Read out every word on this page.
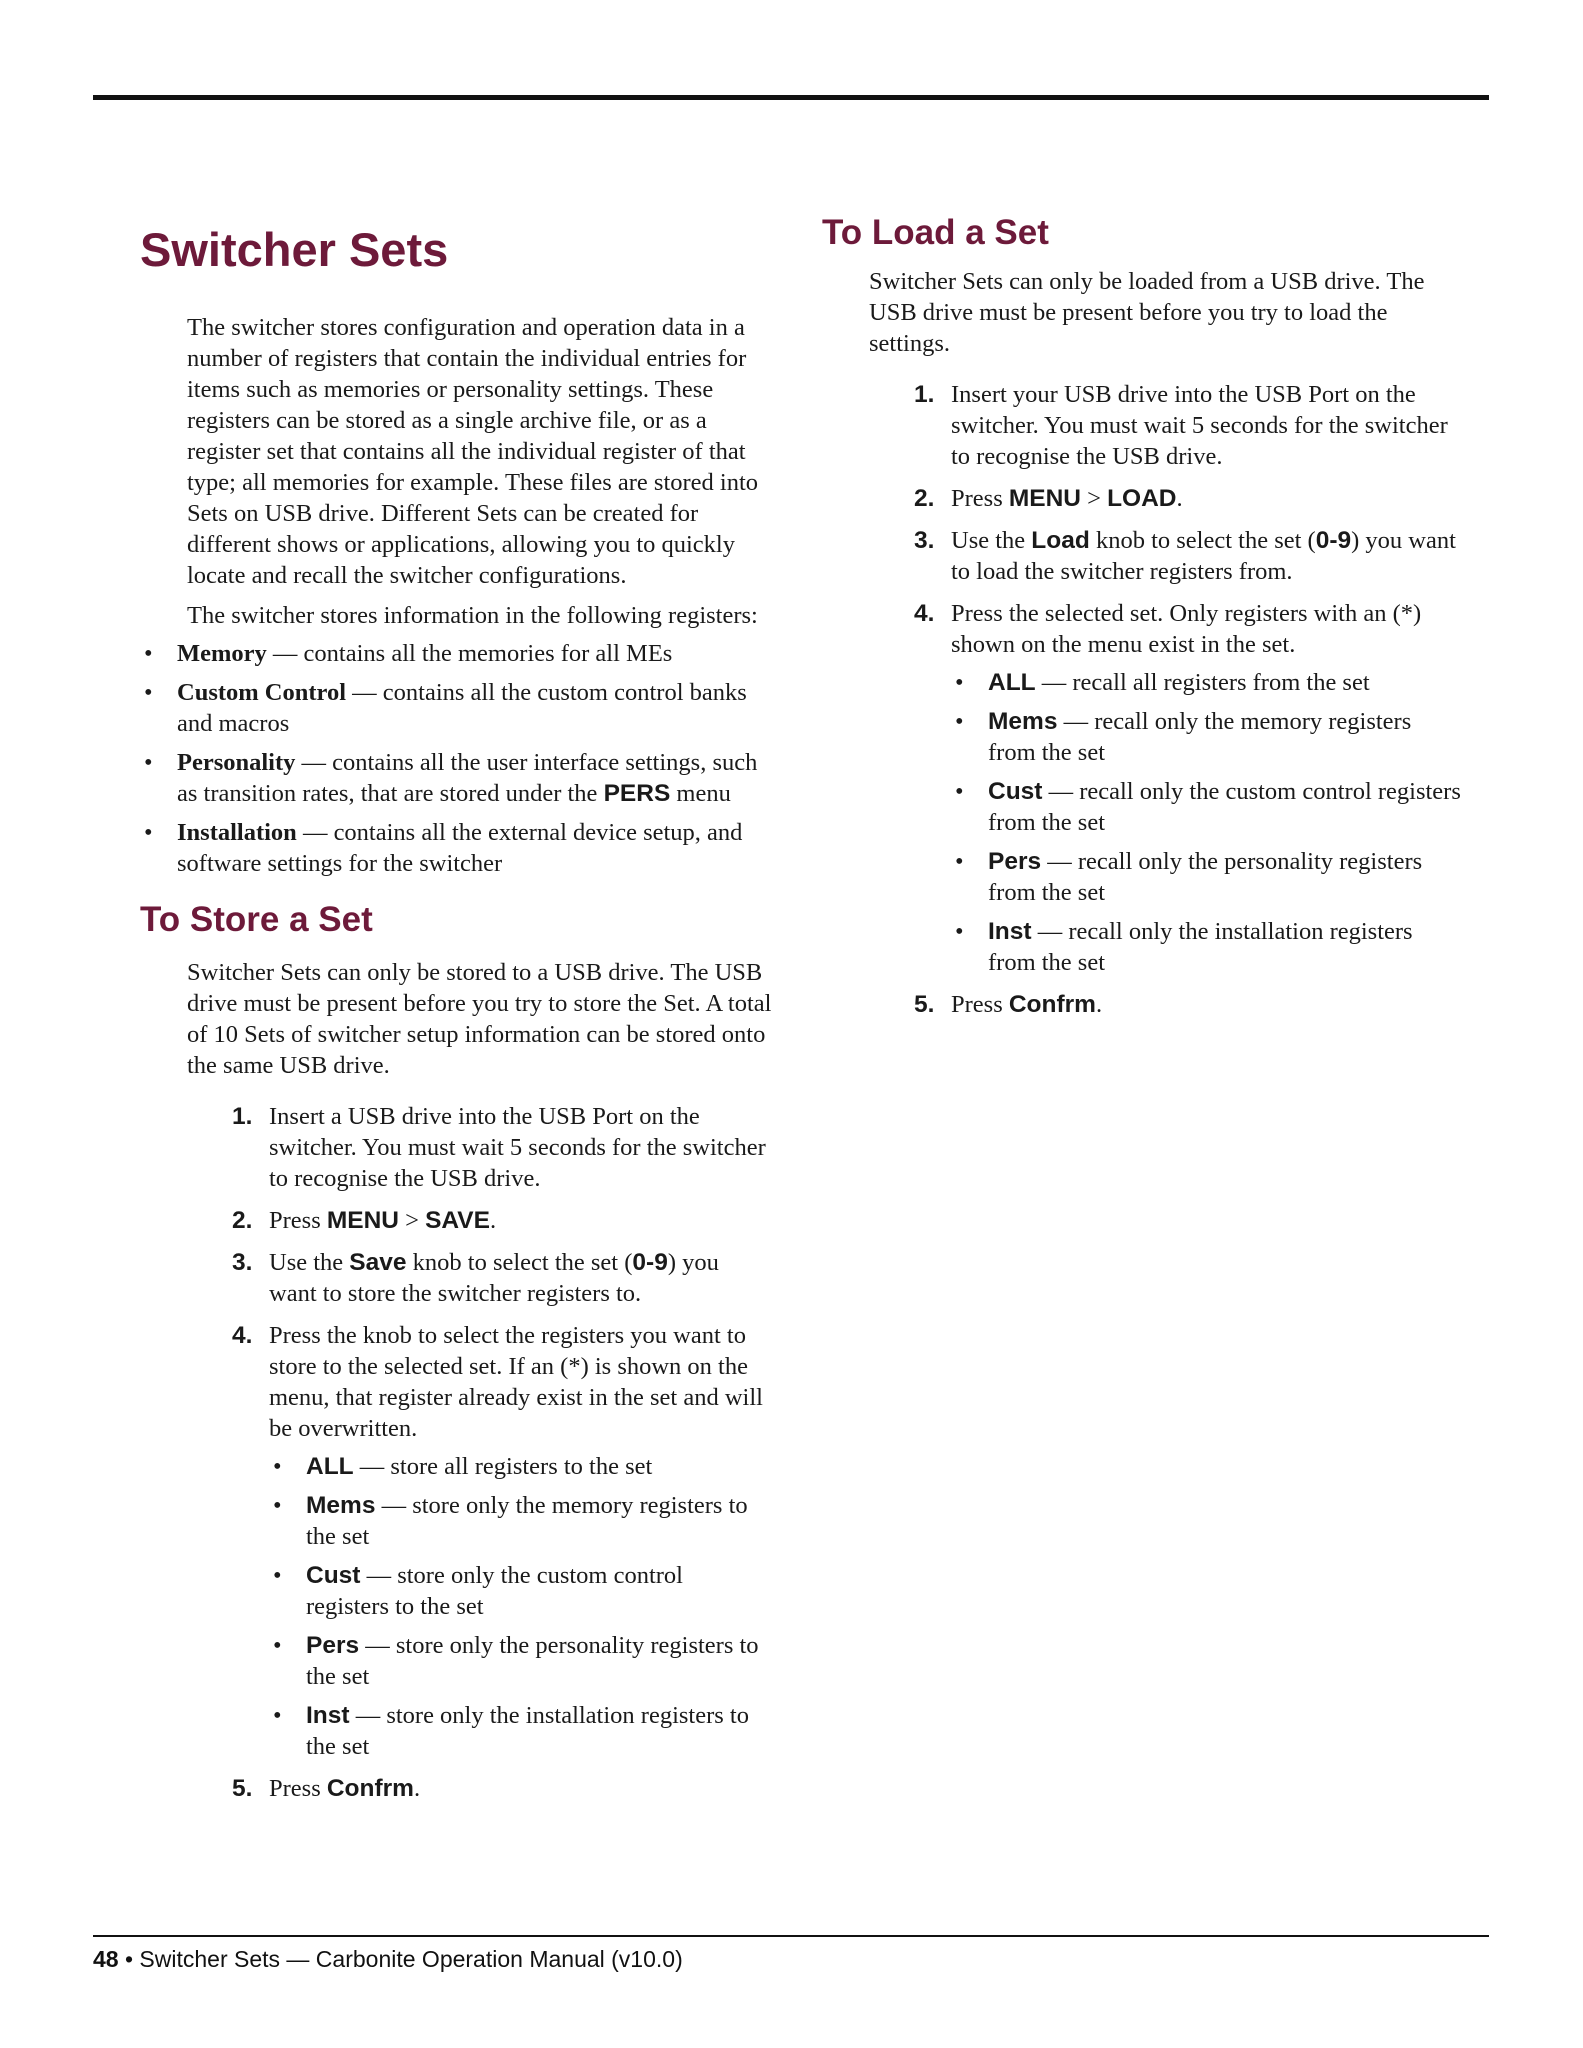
Switcher Sets

The switcher stores configuration and operation data in a number of registers that contain the individual entries for items such as memories or personality settings. These registers can be stored as a single archive file, or as a register set that contains all the individual register of that type; all memories for example. These files are stored into Sets on USB drive. Different Sets can be created for different shows or applications, allowing you to quickly locate and recall the switcher configurations.

The switcher stores information in the following registers:

• Memory — contains all the memories for all MEs
• Custom Control — contains all the custom control banks and macros
• Personality — contains all the user interface settings, such as transition rates, that are stored under the PERS menu
• Installation — contains all the external device setup, and software settings for the switcher
To Store a Set

Switcher Sets can only be stored to a USB drive. The USB drive must be present before you try to store the Set. A total of 10 Sets of switcher setup information can be stored onto the same USB drive.

1. Insert a USB drive into the USB Port on the switcher. You must wait 5 seconds for the switcher to recognise the USB drive.
2. Press MENU > SAVE.
3. Use the Save knob to select the set (0-9) you want to store the switcher registers to.
4. Press the knob to select the registers you want to store to the selected set. If an (*) is shown on the menu, that register already exist in the set and will be overwritten.
• ALL — store all registers to the set
• Mems — store only the memory registers to the set
• Cust — store only the custom control registers to the set
• Pers — store only the personality registers to the set
• Inst — store only the installation registers to the set
5. Press Confrm.
To Load a Set

Switcher Sets can only be loaded from a USB drive. The USB drive must be present before you try to load the settings.

1. Insert your USB drive into the USB Port on the switcher. You must wait 5 seconds for the switcher to recognise the USB drive.
2. Press MENU > LOAD.
3. Use the Load knob to select the set (0-9) you want to load the switcher registers from.
4. Press the selected set. Only registers with an (*) shown on the menu exist in the set.
• ALL — recall all registers from the set
• Mems — recall only the memory registers from the set
• Cust — recall only the custom control registers from the set
• Pers — recall only the personality registers from the set
• Inst — recall only the installation registers from the set
5. Press Confrm.
48 • Switcher Sets — Carbonite Operation Manual (v10.0)
